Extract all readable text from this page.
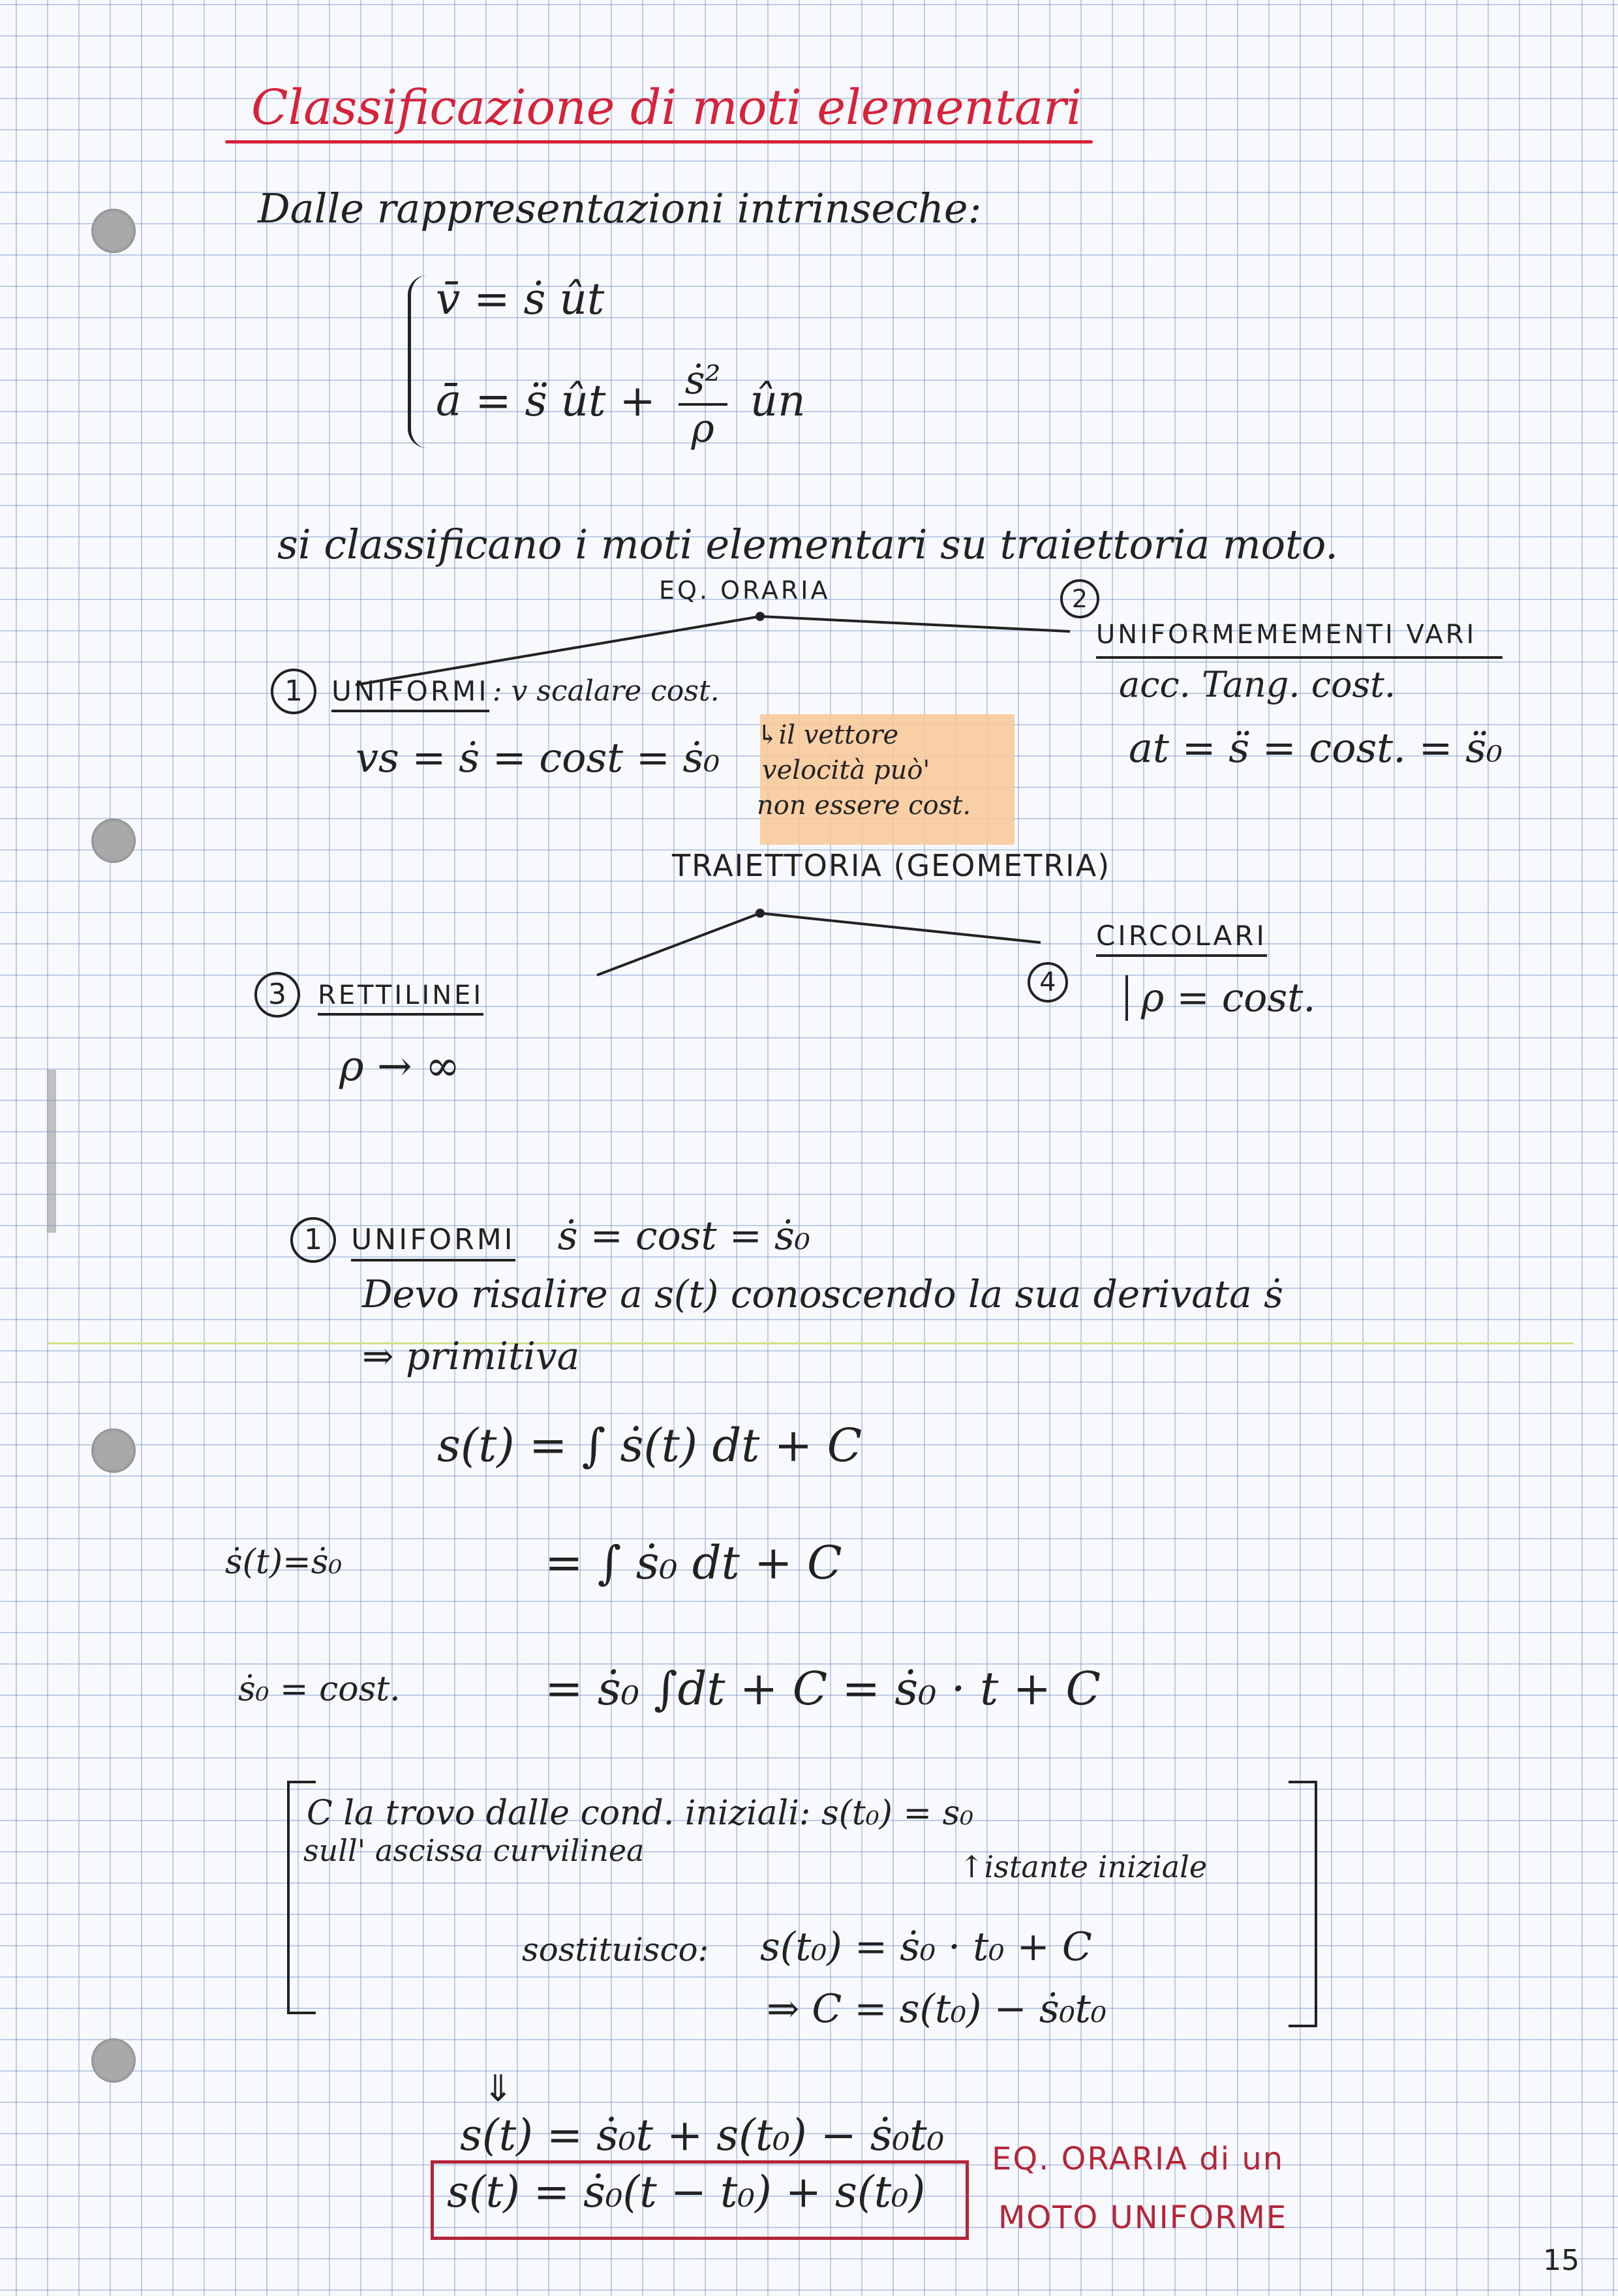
Classificazione di moti elementari
Dalle rappresentazioni intrinseche:
v̄ = ṡ ût
ā = s̈ ût + $\frac{\text{ṡ²}}{\rho}$ ûn
si classificano i moti elementari su traiettoria moto.
EQ. ORARIA
1 UNIFORMI : v scalare cost.
vs = ṡ = cost = ṡ₀ ↳il vettore
velocità può'
non essere cost.
2
UNIFORMEMEMENTI VARI
acc. Tang. cost.
at = s̈ = cost. = s̈₀
TRAIETTORIA (GEOMETRIA)
3 RETTILINEI
ρ → ∞
4
CIRCOLARI
ρ = cost.
1 UNIFORMI ṡ = cost = ṡ₀
Devo risalire a s(t) conoscendo la sua derivata ṡ
⇒ primitiva
s(t) = ∫ ṡ(t) dt + C
ṡ(t)=ṡ₀	= ∫ ṡ₀ dt + C
ṡ₀ = cost.	= ṡ₀ ∫dt + C = ṡ₀ · t + C
C la trovo dalle cond. iniziali: s(t₀) = s₀
sull' ascissa curvilinea	↑istante iniziale
sostituisco: s(t₀) = ṡ₀ · t₀ + C
⇒ C = s(t₀) − ṡ₀t₀
⇓
s(t) = ṡ₀t + s(t₀) − ṡ₀t₀
s(t) = ṡ₀(t − t₀) + s(t₀)
EQ. ORARIA di un
MOTO UNIFORME
15
